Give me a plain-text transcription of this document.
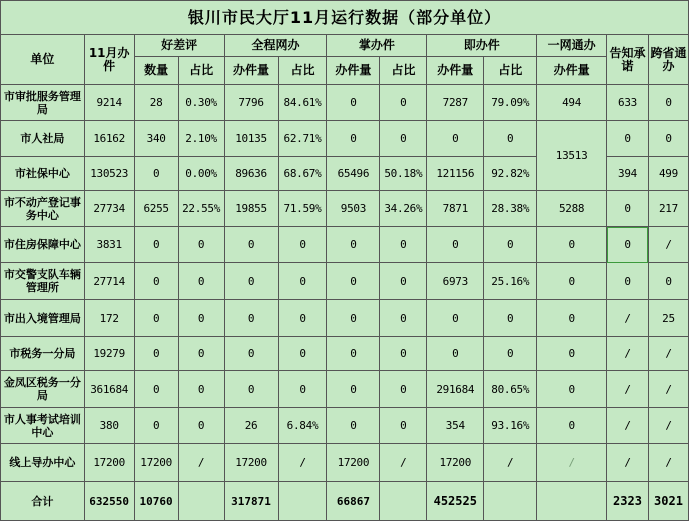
银川市民大厅11月运行数据（部分单位）												
单位	11月办件	好差评		全程网办		掌办件		即办件		一网通办	告知承诺	跨省通办
		数量	占比	办件量	占比	办件量	占比	办件量	占比	办件量		
市审批服务管理局	9214	28	0.30%	7796	84.61%	0	0	7287	79.09%	494	633	0
市人社局	16162	340	2.10%	10135	62.71%	0	0	0	0	13513	0	0
市社保中心	130523	0	0.00%	89636	68.67%	65496	50.18%	121156	92.82%		394	499
市不动产登记事务中心	27734	6255	22.55%	19855	71.59%	9503	34.26%	7871	28.38%	5288	0	217
市住房保障中心	3831	0	0	0	0	0	0	0	0	0	0	/
市交警支队车辆管理所	27714	0	0	0	0	0	0	6973	25.16%	0	0	0
市出入境管理局	172	0	0	0	0	0	0	0	0	0	/	25
市税务一分局	19279	0	0	0	0	0	0	0	0	0	/	/
金凤区税务一分局	361684	0	0	0	0	0	0	291684	80.65%	0	/	/
市人事考试培训中心	380	0	0	26	6.84%	0	0	354	93.16%	0	/	/
线上导办中心	17200	17200	/	17200	/	17200	/	17200	/	/	/	/
合计	632550	10760		317871		66867		452525			2323	3021
